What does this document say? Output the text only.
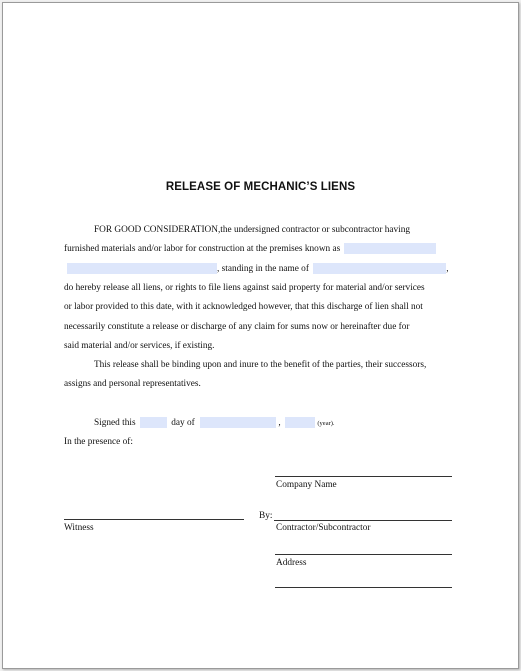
RELEASE OF MECHANIC’S LIENS
FOR GOOD CONSIDERATION,the undersigned contractor or subcontractor having
furnished materials and/or labor for construction at the premises known as
, standing in the name of	,
do hereby release all liens, or rights to file liens against said property for material and/or services
or labor provided to this date, with it acknowledged however, that this discharge of lien shall not
necessarily constitute a release or discharge of any claim for sums now or hereinafter due for
said material and/or services, if existing.
This release shall be binding upon and inure to the benefit of the parties, their successors,
assigns and personal representatives.
Signed this	day of	,	(year).
In the presence of:
Company Name
Witness
By:
Contractor/Subcontractor
Address
